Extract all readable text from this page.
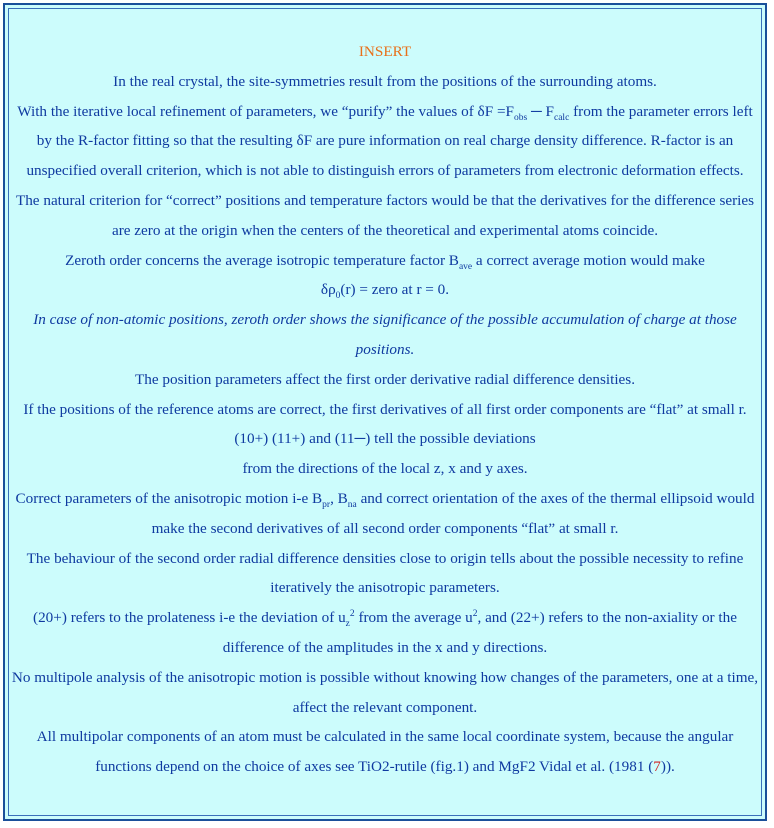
INSERT

In the real crystal, the site-symmetries result from the positions of the surrounding atoms.

With the iterative local refinement of parameters, we “purify” the values of $\delta F =F_{obs}$ ─ $F_{calc}$ from the parameter errors left by the R-factor fitting so that the resulting δF are pure information on real charge density difference. R-factor is an unspecified overall criterion, which is not able to distinguish errors of parameters from electronic deformation effects.

The natural criterion for “correct” positions and temperature factors would be that the derivatives for the difference series are zero at the origin when the centers of the theoretical and experimental atoms coincide.

Zeroth order concerns the average isotropic temperature factor $B_{ave}$ a correct average motion would make

$\delta\rho_0(r)$ = zero at r = 0.

In case of non-atomic positions, zeroth order shows the significance of the possible accumulation of charge at those positions.

The position parameters affect the first order derivative radial difference densities.

If the positions of the reference atoms are correct, the first derivatives of all first order components are “flat” at small r. (10+) (11+) and (11─) tell the possible deviations

from the directions of the local z, x and y axes.

Correct parameters of the anisotropic motion i-e $B_{pr}$, $B_{na}$ and correct orientation of the axes of the thermal ellipsoid would make the second derivatives of all second order components “flat” at small r.

The behaviour of the second order radial difference densities close to origin tells about the possible necessity to refine iteratively the anisotropic parameters.

(20+) refers to the prolateness i-e the deviation of $u_z^2$ from the average $u^2$, and (22+) refers to the non-axiality or the difference of the amplitudes in the x and y directions.

No multipole analysis of the anisotropic motion is possible without knowing how changes of the parameters, one at a time, affect the relevant component.

All multipolar components of an atom must be calculated in the same local coordinate system, because the angular functions depend on the choice of axes see TiO2-rutile (fig.1) and MgF2 Vidal et al. (1981 (7)).
